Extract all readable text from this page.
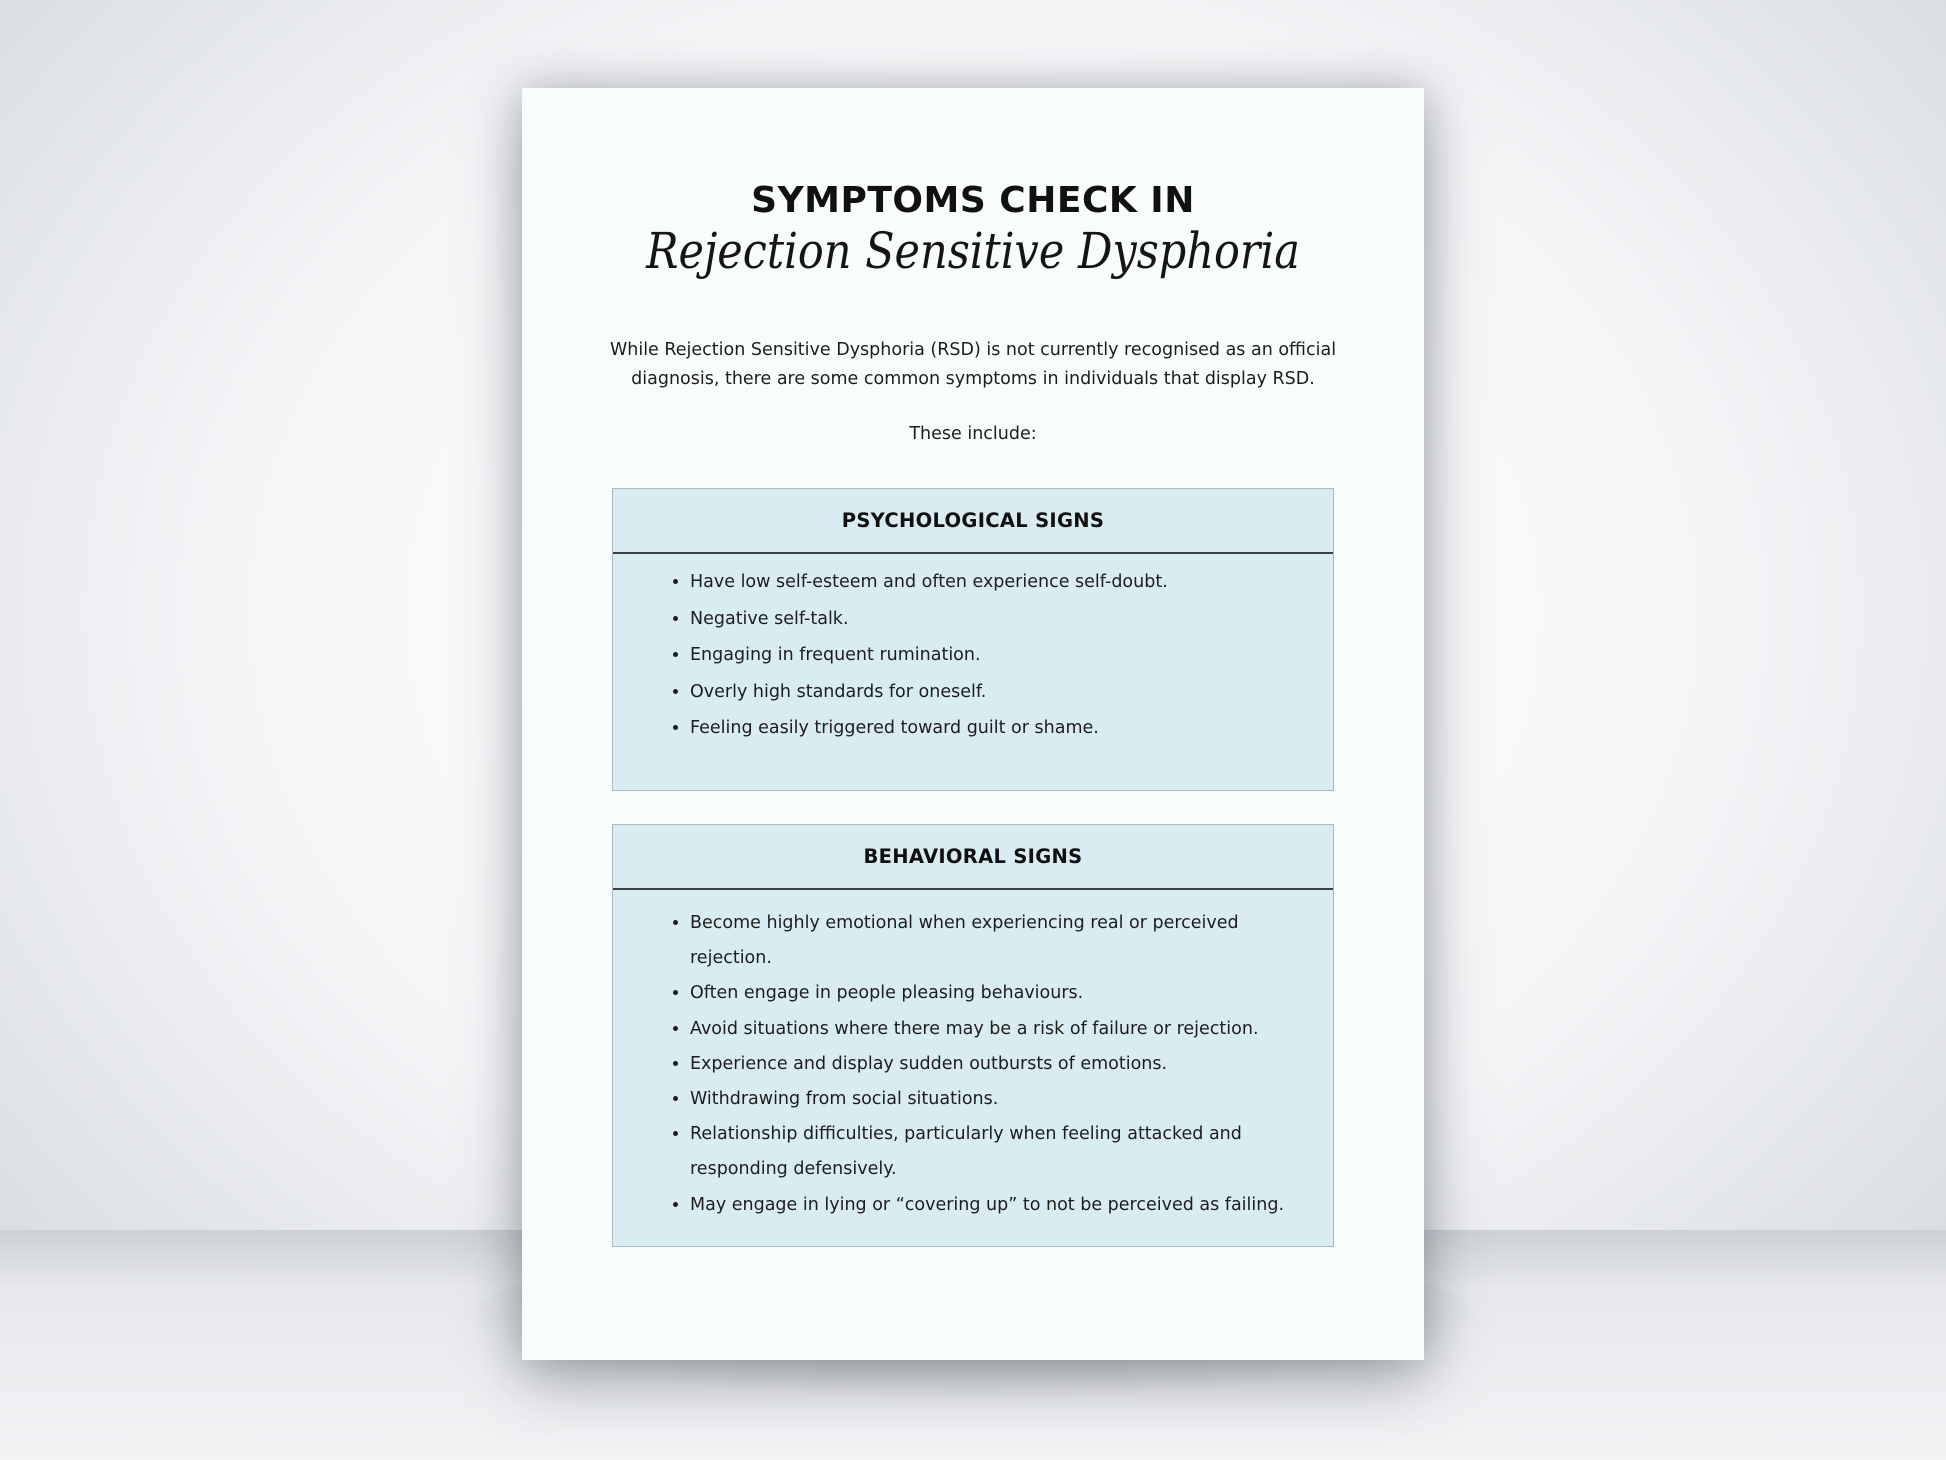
SYMPTOMS CHECK IN
Rejection Sensitive Dysphoria
While Rejection Sensitive Dysphoria (RSD) is not currently recognised as an official diagnosis, there are some common symptoms in individuals that display RSD.
These include:
PSYCHOLOGICAL SIGNS
• Have low self-esteem and often experience self-doubt.
• Negative self-talk.
• Engaging in frequent rumination.
• Overly high standards for oneself.
• Feeling easily triggered toward guilt or shame.
BEHAVIORAL SIGNS
• Become highly emotional when experiencing real or perceived rejection.
• Often engage in people pleasing behaviours.
• Avoid situations where there may be a risk of failure or rejection.
• Experience and display sudden outbursts of emotions.
• Withdrawing from social situations.
• Relationship difficulties, particularly when feeling attacked and responding defensively.
• May engage in lying or “covering up” to not be perceived as failing.
